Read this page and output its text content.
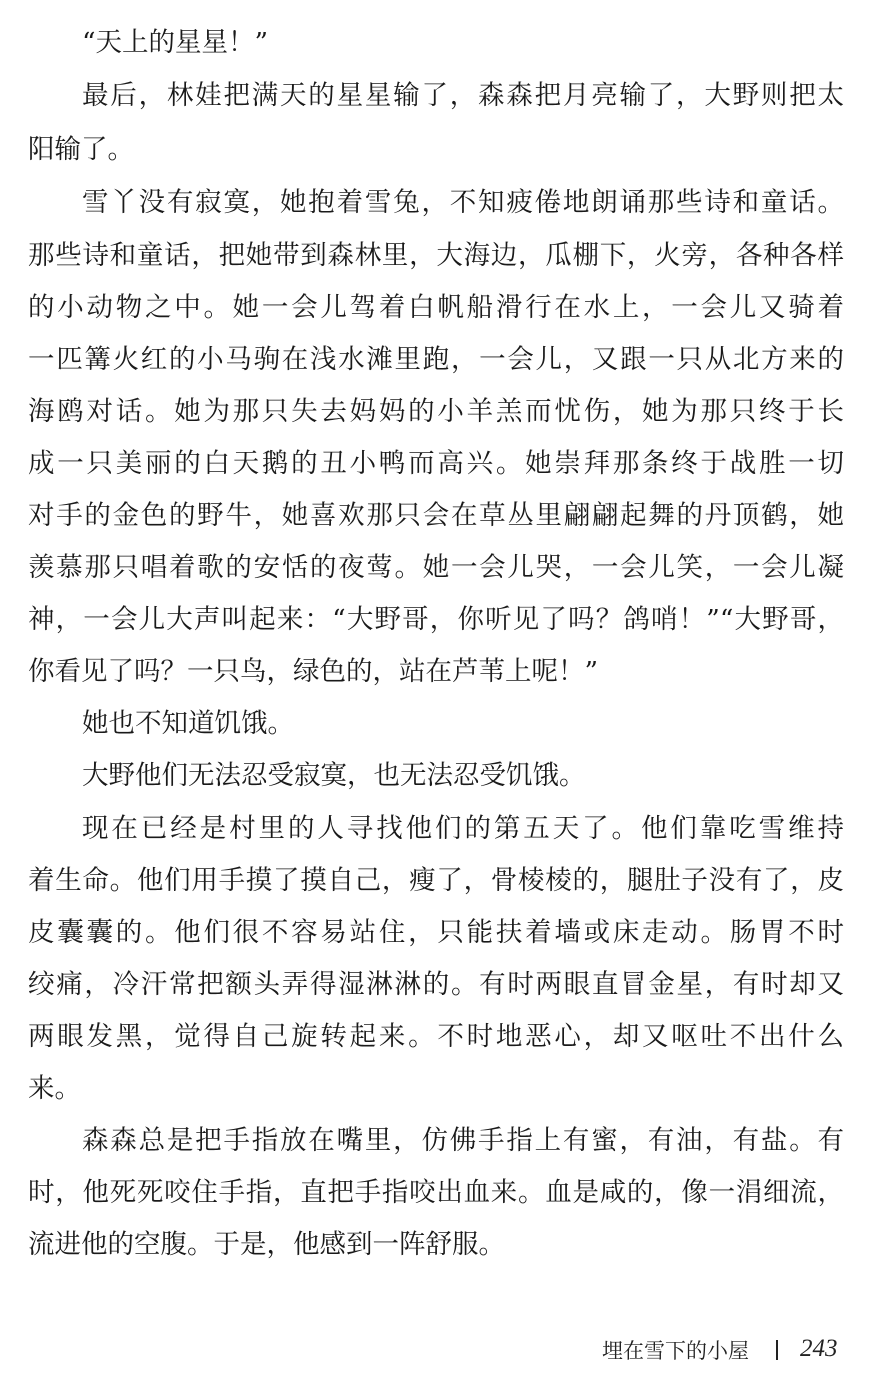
“天上的星星！”
最后，林娃把满天的星星输了，森森把月亮输了，大野则把太
阳输了。
雪丫没有寂寞，她抱着雪兔，不知疲倦地朗诵那些诗和童话。
那些诗和童话，把她带到森林里，大海边，瓜棚下，火旁，各种各样
的小动物之中。她一会儿驾着白帆船滑行在水上，一会儿又骑着
一匹篝火红的小马驹在浅水滩里跑，一会儿，又跟一只从北方来的
海鸥对话。她为那只失去妈妈的小羊羔而忧伤，她为那只终于长
成一只美丽的白天鹅的丑小鸭而高兴。她崇拜那条终于战胜一切
对手的金色的野牛，她喜欢那只会在草丛里翩翩起舞的丹顶鹤，她
羡慕那只唱着歌的安恬的夜莺。她一会儿哭，一会儿笑，一会儿凝
神，一会儿大声叫起来：“大野哥，你听见了吗？鸽哨！”“大野哥，
你看见了吗？一只鸟，绿色的，站在芦苇上呢！”
她也不知道饥饿。
大野他们无法忍受寂寞，也无法忍受饥饿。
现在已经是村里的人寻找他们的第五天了。他们靠吃雪维持
着生命。他们用手摸了摸自己，瘦了，骨棱棱的，腿肚子没有了，皮
皮囊囊的。他们很不容易站住，只能扶着墙或床走动。肠胃不时
绞痛，冷汗常把额头弄得湿淋淋的。有时两眼直冒金星，有时却又
两眼发黑，觉得自己旋转起来。不时地恶心，却又呕吐不出什么
来。
森森总是把手指放在嘴里，仿佛手指上有蜜，有油，有盐。有
时，他死死咬住手指，直把手指咬出血来。血是咸的，像一涓细流，
流进他的空腹。于是，他感到一阵舒服。
埋在雪下的小屋 243
